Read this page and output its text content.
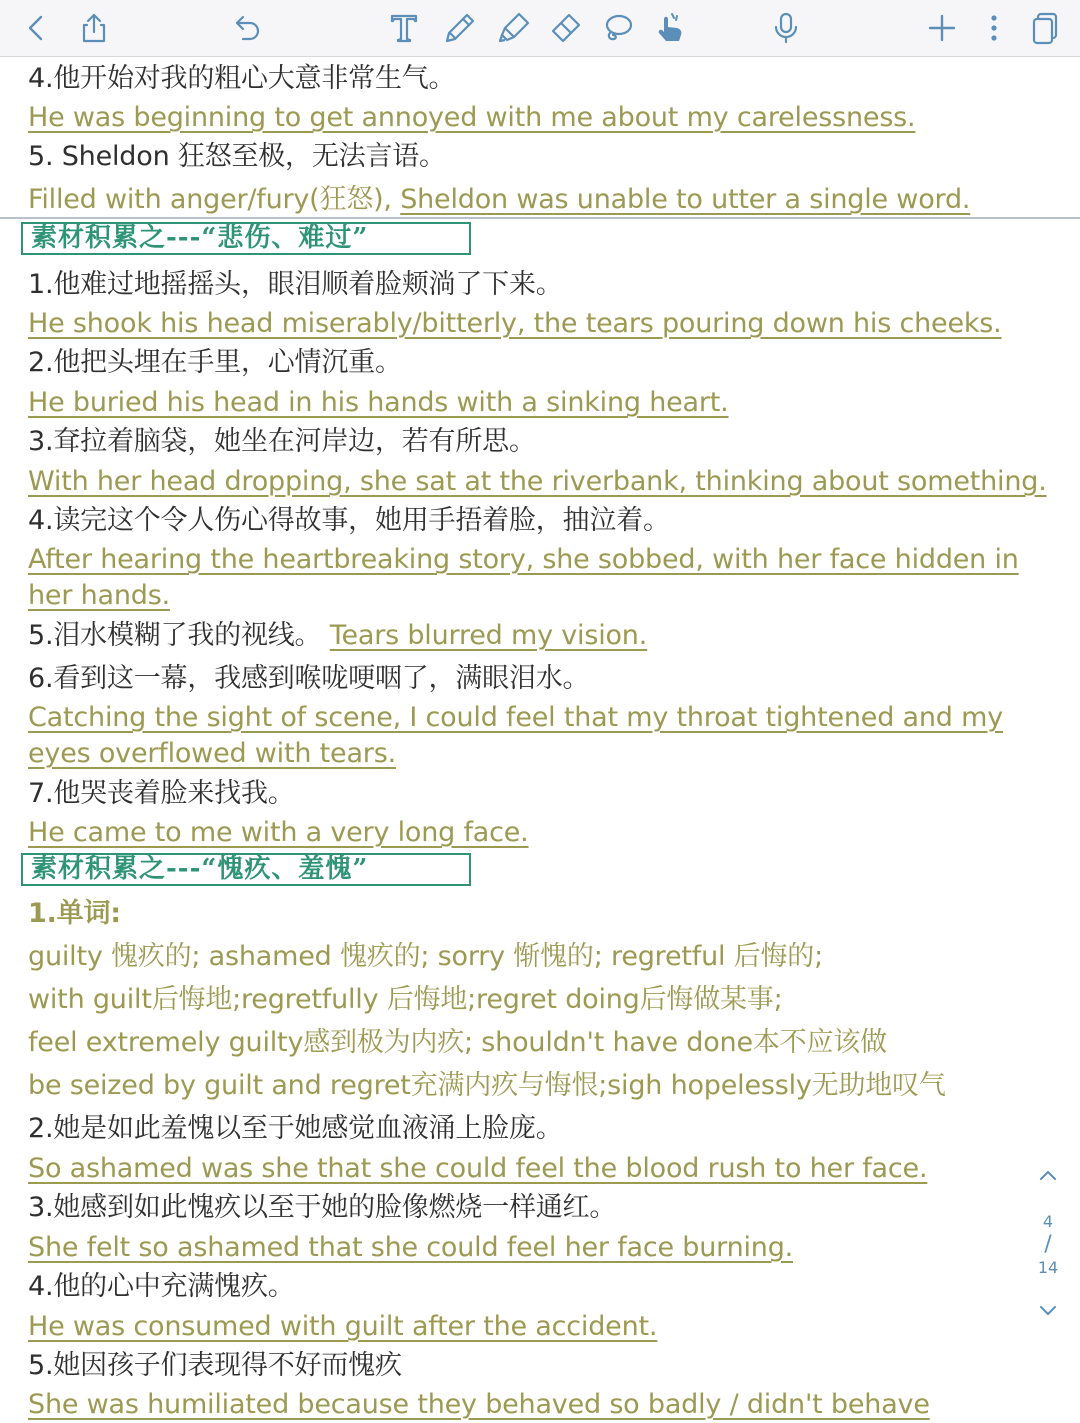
4.他开始对我的粗心大意非常生气。
He was beginning to get annoyed with me about my carelessness.
5. Sheldon 狂怒至极，无法言语。
Filled with anger/fury(狂怒), Sheldon was unable to utter a single word.
素材积累之---“悲伤、难过”
1.他难过地摇摇头，眼泪顺着脸颊淌了下来。
He shook his head miserably/bitterly, the tears pouring down his cheeks.
2.他把头埋在手里，心情沉重。
He buried his head in his hands with a sinking heart.
3.耷拉着脑袋，她坐在河岸边，若有所思。
With her head dropping, she sat at the riverbank, thinking about something.
4.读完这个令人伤心得故事，她用手捂着脸，抽泣着。
After hearing the heartbreaking story, she sobbed, with her face hidden in
her hands.
5.泪水模糊了我的视线。 Tears blurred my vision.
6.看到这一幕，我感到喉咙哽咽了，满眼泪水。
Catching the sight of scene, I could feel that my throat tightened and my
eyes overflowed with tears.
7.他哭丧着脸来找我。
He came to me with a very long face.
素材积累之---“愧疚、羞愧”
1.单词:
guilty 愧疚的; ashamed 愧疚的; sorry 惭愧的; regretful 后悔的;
with guilt后悔地;regretfully 后悔地;regret doing后悔做某事;
feel extremely guilty感到极为内疚; shouldn't have done本不应该做
be seized by guilt and regret充满内疚与悔恨;sigh hopelessly无助地叹气
2.她是如此羞愧以至于她感觉血液涌上脸庞。
So ashamed was she that she could feel the blood rush to her face.
3.她感到如此愧疚以至于她的脸像燃烧一样通红。
She felt so ashamed that she could feel her face burning.
4.他的心中充满愧疚。
He was consumed with guilt after the accident.
5.她因孩子们表现得不好而愧疚
She was humiliated because they behaved so badly / didn't behave
4
/
14
